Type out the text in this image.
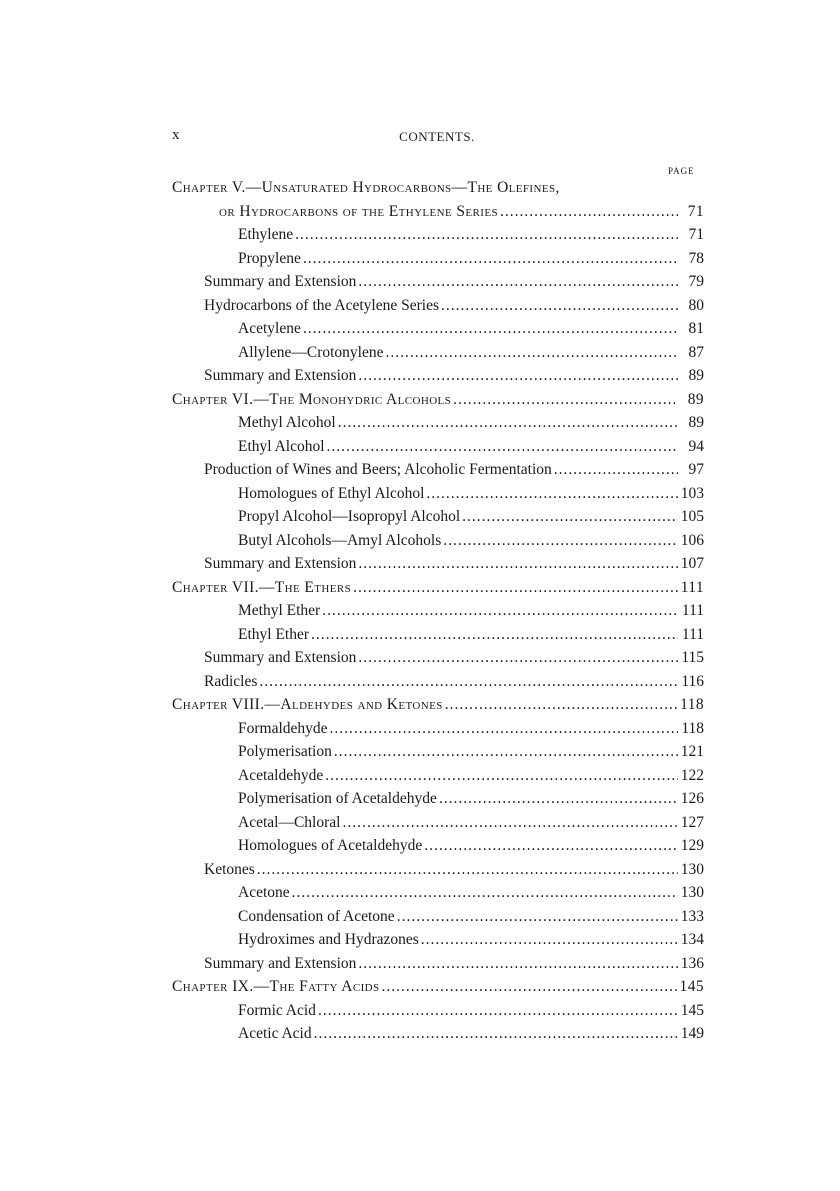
x	CONTENTS.
PAGE
Chapter V.—Unsaturated Hydrocarbons—The Olefines,
or Hydrocarbons of the Ethylene Series .....	71
Ethylene .....	71
Propylene .....	78
Summary and Extension .....	79
Hydrocarbons of the Acetylene Series .....	80
Acetylene .....	81
Allylene—Crotonylene .....	87
Summary and Extension .....	89
Chapter VI.—The Monohydric Alcohols .....	89
Methyl Alcohol .....	89
Ethyl Alcohol .....	94
Production of Wines and Beers; Alcoholic Fermentation .....	97
Homologues of Ethyl Alcohol .....	103
Propyl Alcohol—Isopropyl Alcohol .....	105
Butyl Alcohols—Amyl Alcohols .....	106
Summary and Extension .....	107
Chapter VII.—The Ethers .....	111
Methyl Ether .....	111
Ethyl Ether .....	111
Summary and Extension .....	115
Radicles .....	116
Chapter VIII.—Aldehydes and Ketones .....	118
Formaldehyde .....	118
Polymerisation .....	121
Acetaldehyde .....	122
Polymerisation of Acetaldehyde .....	126
Acetal—Chloral .....	127
Homologues of Acetaldehyde .....	129
Ketones .....	130
Acetone .....	130
Condensation of Acetone .....	133
Hydroximes and Hydrazones .....	134
Summary and Extension .....	136
Chapter IX.—The Fatty Acids .....	145
Formic Acid .....	145
Acetic Acid .....	149
